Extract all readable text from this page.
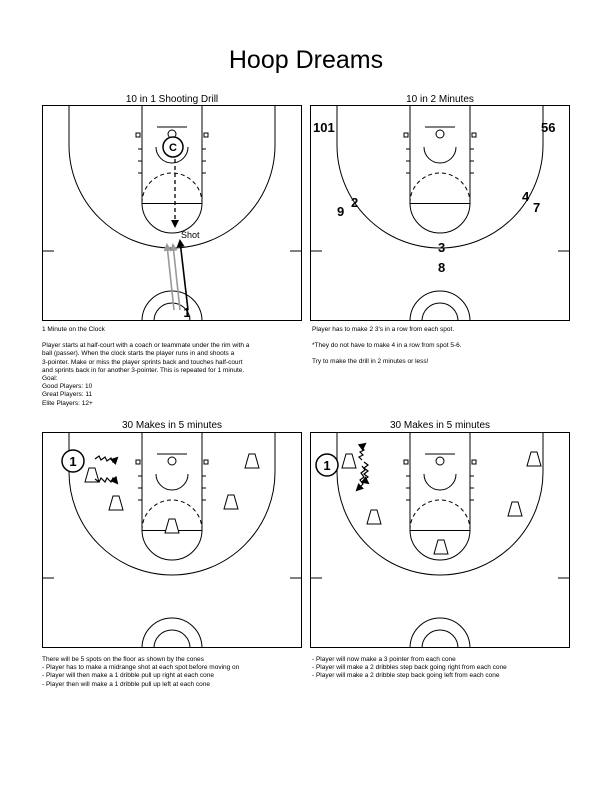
Hoop Dreams
10 in 1 Shooting Drill
C
Shot
1

1 Minute on the Clock

Player starts at half-court with a coach or teammate under the rim with a

ball (passer). When the clock starts the player runs in and shoots a

3-pointer. Make or miss the player sprints back and touches half-court

and sprints back in for another 3-pointer. This is repeated for 1 minute.

Goal:

Good Players: 10

Great Players: 11

Elite Players: 12+

10 in 2 Minutes
101	56
9
2	4
7
3
8

Player has to make 2 3's in a row from each spot.

*They do not have to make 4 in a row from spot 5-6.

Try to make the drill in 2 minutes or less!

30 Makes in 5 minutes
1

There will be 5 spots on the floor as shown by the cones

- Player has to make a midrange shot at each spot before moving on

- Player will then make a 1 dribble pull up right at each cone

- Player then will make a 1 dribble pull up left at each cone

30 Makes in 5 minutes
1

- Player will now make a 3 pointer from each cone

- Player will make a 2 dribbles step back going right from each cone

- Player will make a 2 dribble step back going left from each cone
